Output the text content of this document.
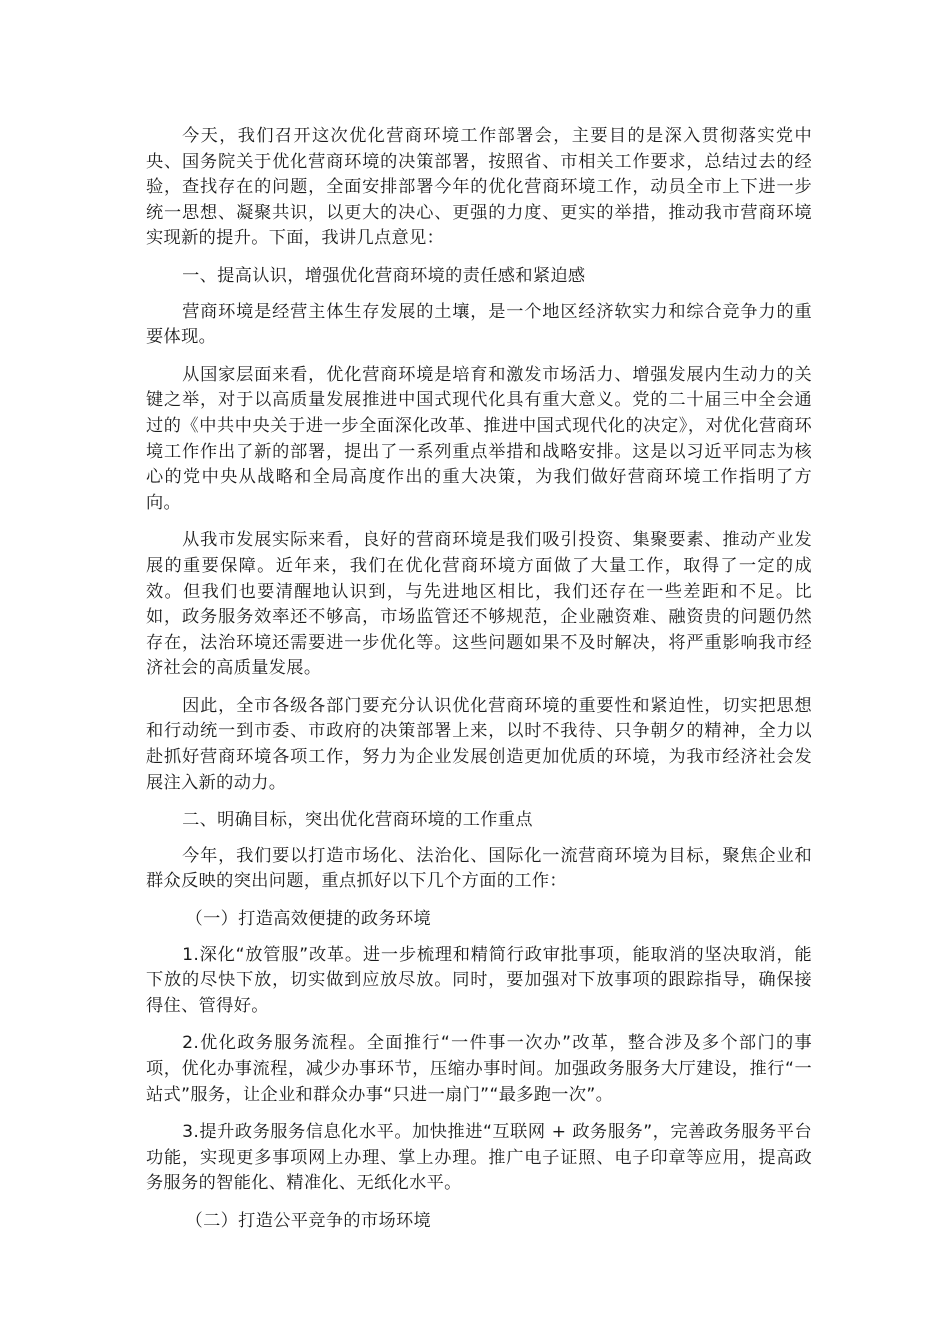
今天，我们召开这次优化营商环境工作部署会，主要目的是深入贯彻落实党中央、国务院关于优化营商环境的决策部署，按照省、市相关工作要求，总结过去的经验，查找存在的问题，全面安排部署今年的优化营商环境工作，动员全市上下进一步统一思想、凝聚共识，以更大的决心、更强的力度、更实的举措，推动我市营商环境实现新的提升。下面，我讲几点意见：

一、提高认识，增强优化营商环境的责任感和紧迫感

营商环境是经营主体生存发展的土壤，是一个地区经济软实力和综合竞争力的重要体现。

从国家层面来看，优化营商环境是培育和激发市场活力、增强发展内生动力的关键之举，对于以高质量发展推进中国式现代化具有重大意义。党的二十届三中全会通过的《中共中央关于进一步全面深化改革、推进中国式现代化的决定》，对优化营商环境工作作出了新的部署，提出了一系列重点举措和战略安排。这是以习近平同志为核心的党中央从战略和全局高度作出的重大决策，为我们做好营商环境工作指明了方向。

从我市发展实际来看，良好的营商环境是我们吸引投资、集聚要素、推动产业发展的重要保障。近年来，我们在优化营商环境方面做了大量工作，取得了一定的成效。但我们也要清醒地认识到，与先进地区相比，我们还存在一些差距和不足。比如，政务服务效率还不够高，市场监管还不够规范，企业融资难、融资贵的问题仍然存在，法治环境还需要进一步优化等。这些问题如果不及时解决，将严重影响我市经济社会的高质量发展。

因此，全市各级各部门要充分认识优化营商环境的重要性和紧迫性，切实把思想和行动统一到市委、市政府的决策部署上来，以时不我待、只争朝夕的精神，全力以赴抓好营商环境各项工作，努力为企业发展创造更加优质的环境，为我市经济社会发展注入新的动力。

二、明确目标，突出优化营商环境的工作重点

今年，我们要以打造市场化、法治化、国际化一流营商环境为目标，聚焦企业和群众反映的突出问题，重点抓好以下几个方面的工作：

（一）打造高效便捷的政务环境

1.深化“放管服”改革。进一步梳理和精简行政审批事项，能取消的坚决取消，能下放的尽快下放，切实做到应放尽放。同时，要加强对下放事项的跟踪指导，确保接得住、管得好。

2.优化政务服务流程。全面推行“一件事一次办”改革，整合涉及多个部门的事项，优化办事流程，减少办事环节，压缩办事时间。加强政务服务大厅建设，推行“一站式”服务，让企业和群众办事“只进一扇门”“最多跑一次”。

3.提升政务服务信息化水平。加快推进“互联网 + 政务服务”，完善政务服务平台功能，实现更多事项网上办理、掌上办理。推广电子证照、电子印章等应用，提高政务服务的智能化、精准化、无纸化水平。

（二）打造公平竞争的市场环境
